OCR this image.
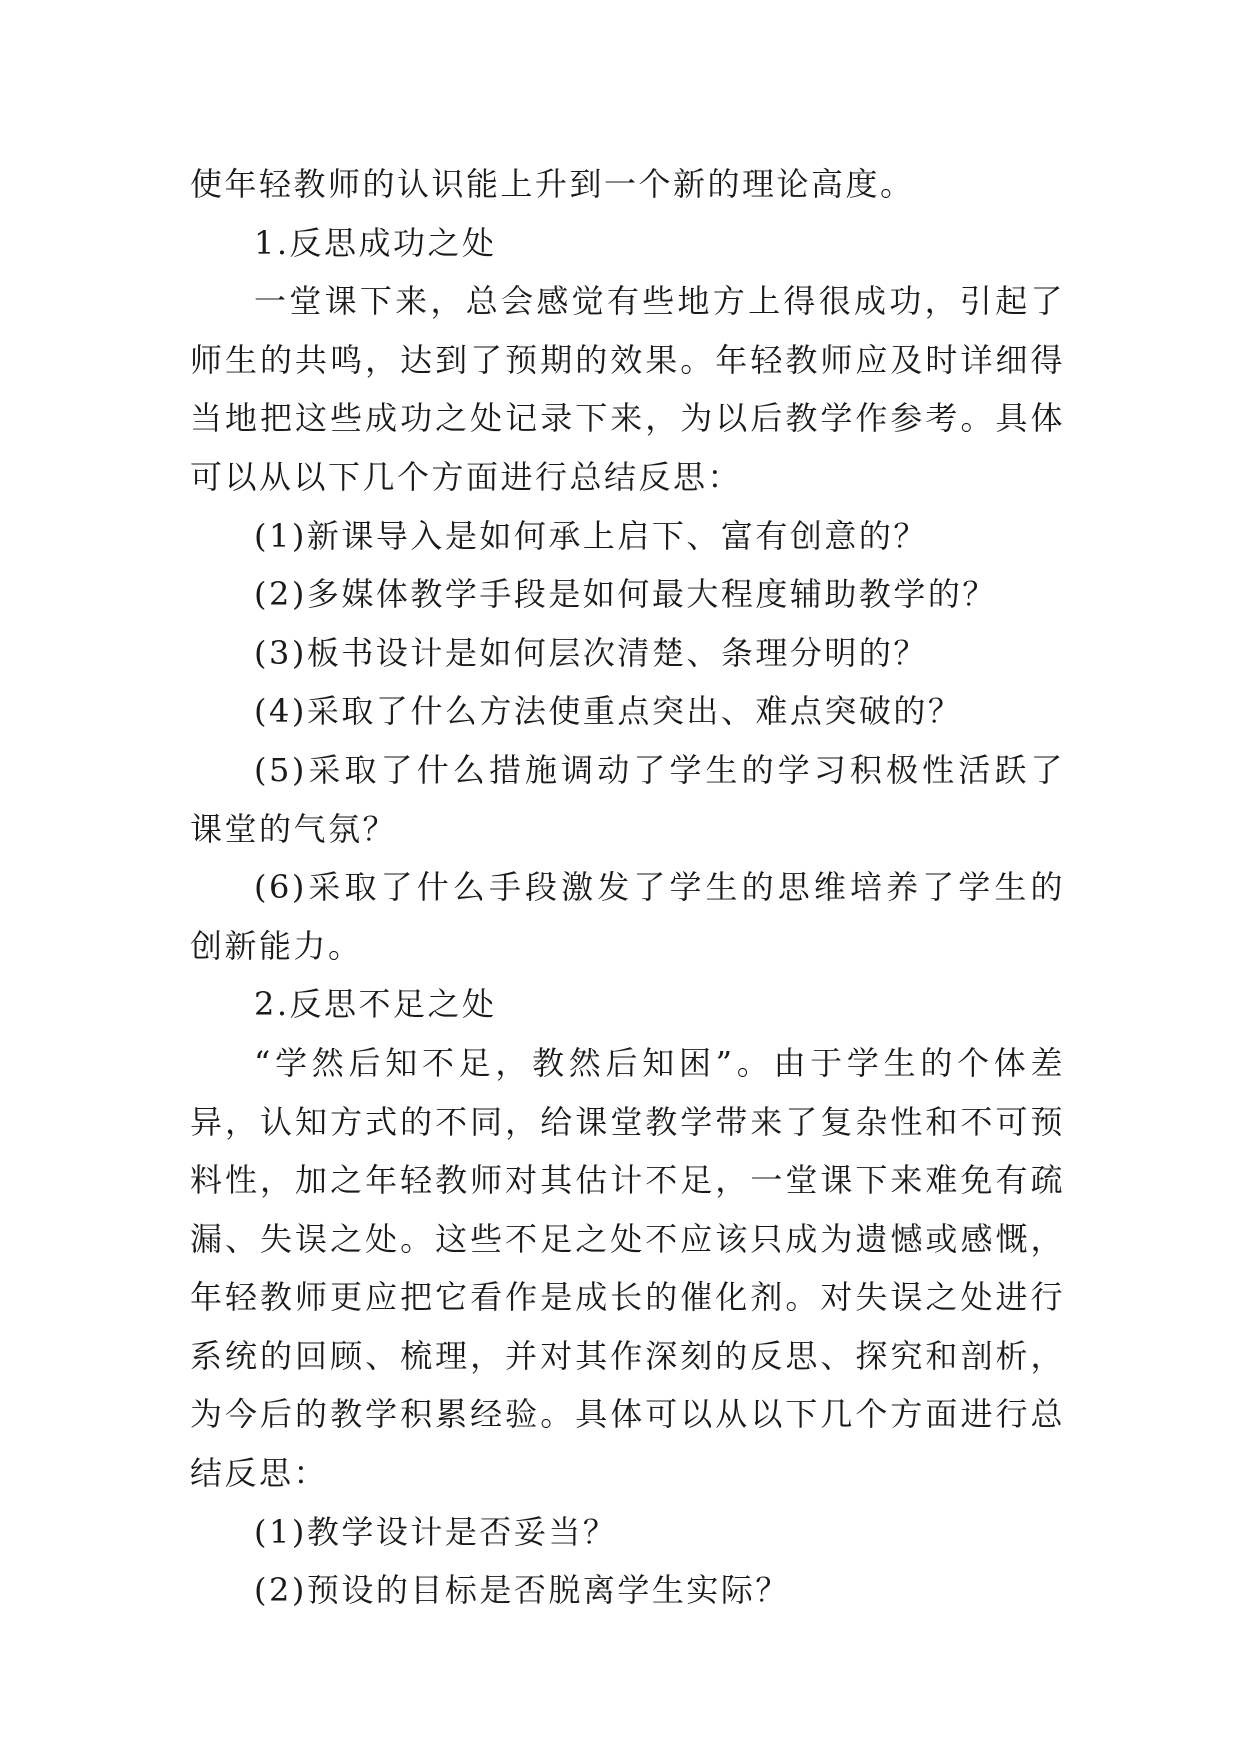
使年轻教师的认识能上升到一个新的理论高度。

1.反思成功之处

一堂课下来，总会感觉有些地方上得很成功，引起了师生的共鸣，达到了预期的效果。年轻教师应及时详细得当地把这些成功之处记录下来，为以后教学作参考。具体可以从以下几个方面进行总结反思：

(1)新课导入是如何承上启下、富有创意的？

(2)多媒体教学手段是如何最大程度辅助教学的？

(3)板书设计是如何层次清楚、条理分明的？

(4)采取了什么方法使重点突出、难点突破的？

(5)采取了什么措施调动了学生的学习积极性活跃了课堂的气氛？

(6)采取了什么手段激发了学生的思维培养了学生的创新能力。

2.反思不足之处

“学然后知不足，教然后知困”。由于学生的个体差异，认知方式的不同，给课堂教学带来了复杂性和不可预料性，加之年轻教师对其估计不足，一堂课下来难免有疏漏、失误之处。这些不足之处不应该只成为遗憾或感慨，年轻教师更应把它看作是成长的催化剂。对失误之处进行系统的回顾、梳理，并对其作深刻的反思、探究和剖析，为今后的教学积累经验。具体可以从以下几个方面进行总结反思：

(1)教学设计是否妥当？

(2)预设的目标是否脱离学生实际？
